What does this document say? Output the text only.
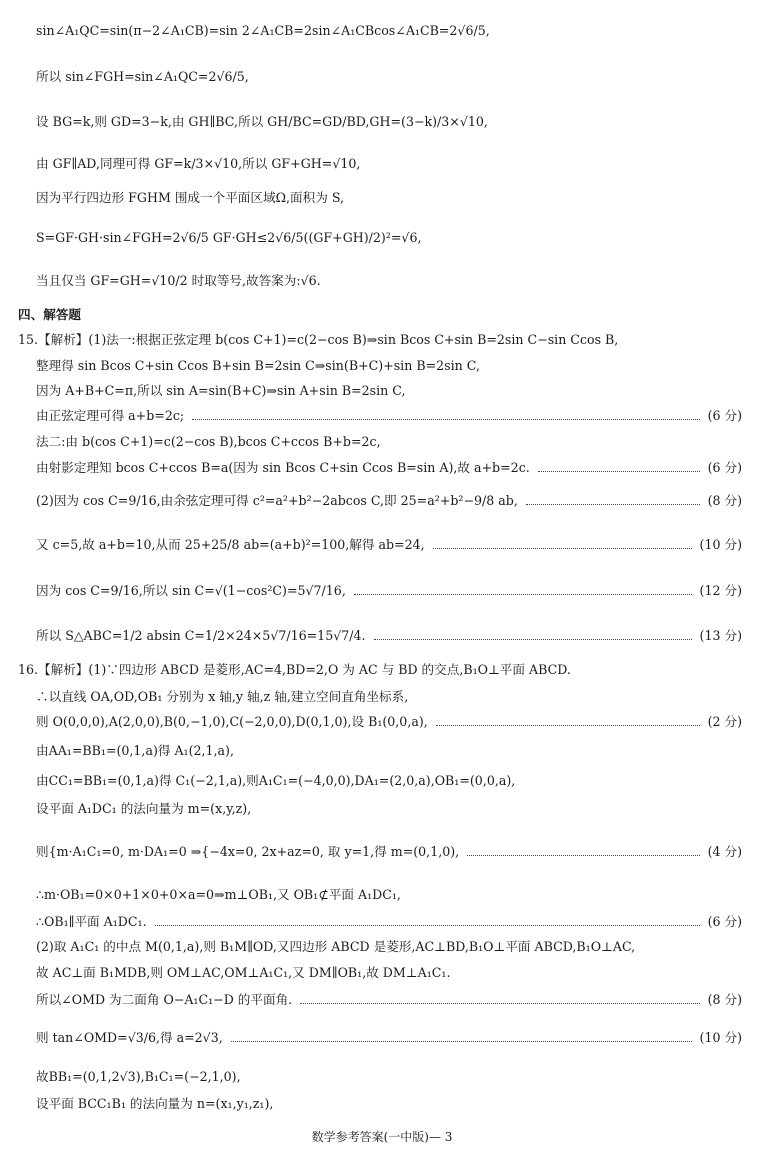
sin∠A₁QC=sin(π−2∠A₁CB)=sin 2∠A₁CB=2sin∠A₁CBcos∠A₁CB=2√6/5,
所以 sin∠FGH=sin∠A₁QC=2√6/5,
设 BG=k,则 GD=3−k,由 GH∥BC,所以 GH/BC=GD/BD,GH=(3−k)/3×√10,
由 GF∥AD,同理可得 GF=k/3×√10,所以 GF+GH=√10,
因为平行四边形 FGHM 围成一个平面区域Ω,面积为 S,
S=GF·GH·sin∠FGH=2√6/5 GF·GH≤2√6/5((GF+GH)/2)²=√6,
当且仅当 GF=GH=√10/2 时取等号,故答案为:√6.
四、解答题
15.【解析】(1)法一:根据正弦定理 b(cos C+1)=c(2−cos B)⇒sin Bcos C+sin B=2sin C−sin Ccos B,
整理得 sin Bcos C+sin Ccos B+sin B=2sin C⇒sin(B+C)+sin B=2sin C,
因为 A+B+C=π,所以 sin A=sin(B+C)⇒sin A+sin B=2sin C,
由正弦定理可得 a+b=2c;	(6 分)
法二:由 b(cos C+1)=c(2−cos B),bcos C+ccos B+b=2c,
由射影定理知 bcos C+ccos B=a(因为 sin Bcos C+sin Ccos B=sin A),故 a+b=2c.	(6 分)
(2)因为 cos C=9/16,由余弦定理可得 c²=a²+b²−2abcos C,即 25=a²+b²−9/8 ab,	(8 分)
又 c=5,故 a+b=10,从而 25+25/8 ab=(a+b)²=100,解得 ab=24,	(10 分)
因为 cos C=9/16,所以 sin C=√(1−cos²C)=5√7/16,	(12 分)
所以 S△ABC=1/2 absin C=1/2×24×5√7/16=15√7/4.	(13 分)
16.【解析】(1)∵四边形 ABCD 是菱形,AC=4,BD=2,O 为 AC 与 BD 的交点,B₁O⊥平面 ABCD.
∴以直线 OA,OD,OB₁ 分别为 x 轴,y 轴,z 轴,建立空间直角坐标系,
则 O(0,0,0),A(2,0,0),B(0,−1,0),C(−2,0,0),D(0,1,0),设 B₁(0,0,a),	(2 分)
由AA₁=BB₁=(0,1,a)得 A₁(2,1,a),
由CC₁=BB₁=(0,1,a)得 C₁(−2,1,a),则A₁C₁=(−4,0,0),DA₁=(2,0,a),OB₁=(0,0,a),
设平面 A₁DC₁ 的法向量为 m=(x,y,z),
则{m·A₁C₁=0, m·DA₁=0 ⇒{−4x=0, 2x+az=0, 取 y=1,得 m=(0,1,0),	(4 分)
∴m·OB₁=0×0+1×0+0×a=0⇒m⊥OB₁,又 OB₁⊄平面 A₁DC₁,
∴OB₁∥平面 A₁DC₁.	(6 分)
(2)取 A₁C₁ 的中点 M(0,1,a),则 B₁M∥OD,又四边形 ABCD 是菱形,AC⊥BD,B₁O⊥平面 ABCD,B₁O⊥AC,
故 AC⊥面 B₁MDB,则 OM⊥AC,OM⊥A₁C₁,又 DM∥OB₁,故 DM⊥A₁C₁.
所以∠OMD 为二面角 O−A₁C₁−D 的平面角.	(8 分)
则 tan∠OMD=√3/6,得 a=2√3,	(10 分)
故BB₁=(0,1,2√3),B₁C₁=(−2,1,0),
设平面 BCC₁B₁ 的法向量为 n=(x₁,y₁,z₁),
数学参考答案(一中版)— 3
